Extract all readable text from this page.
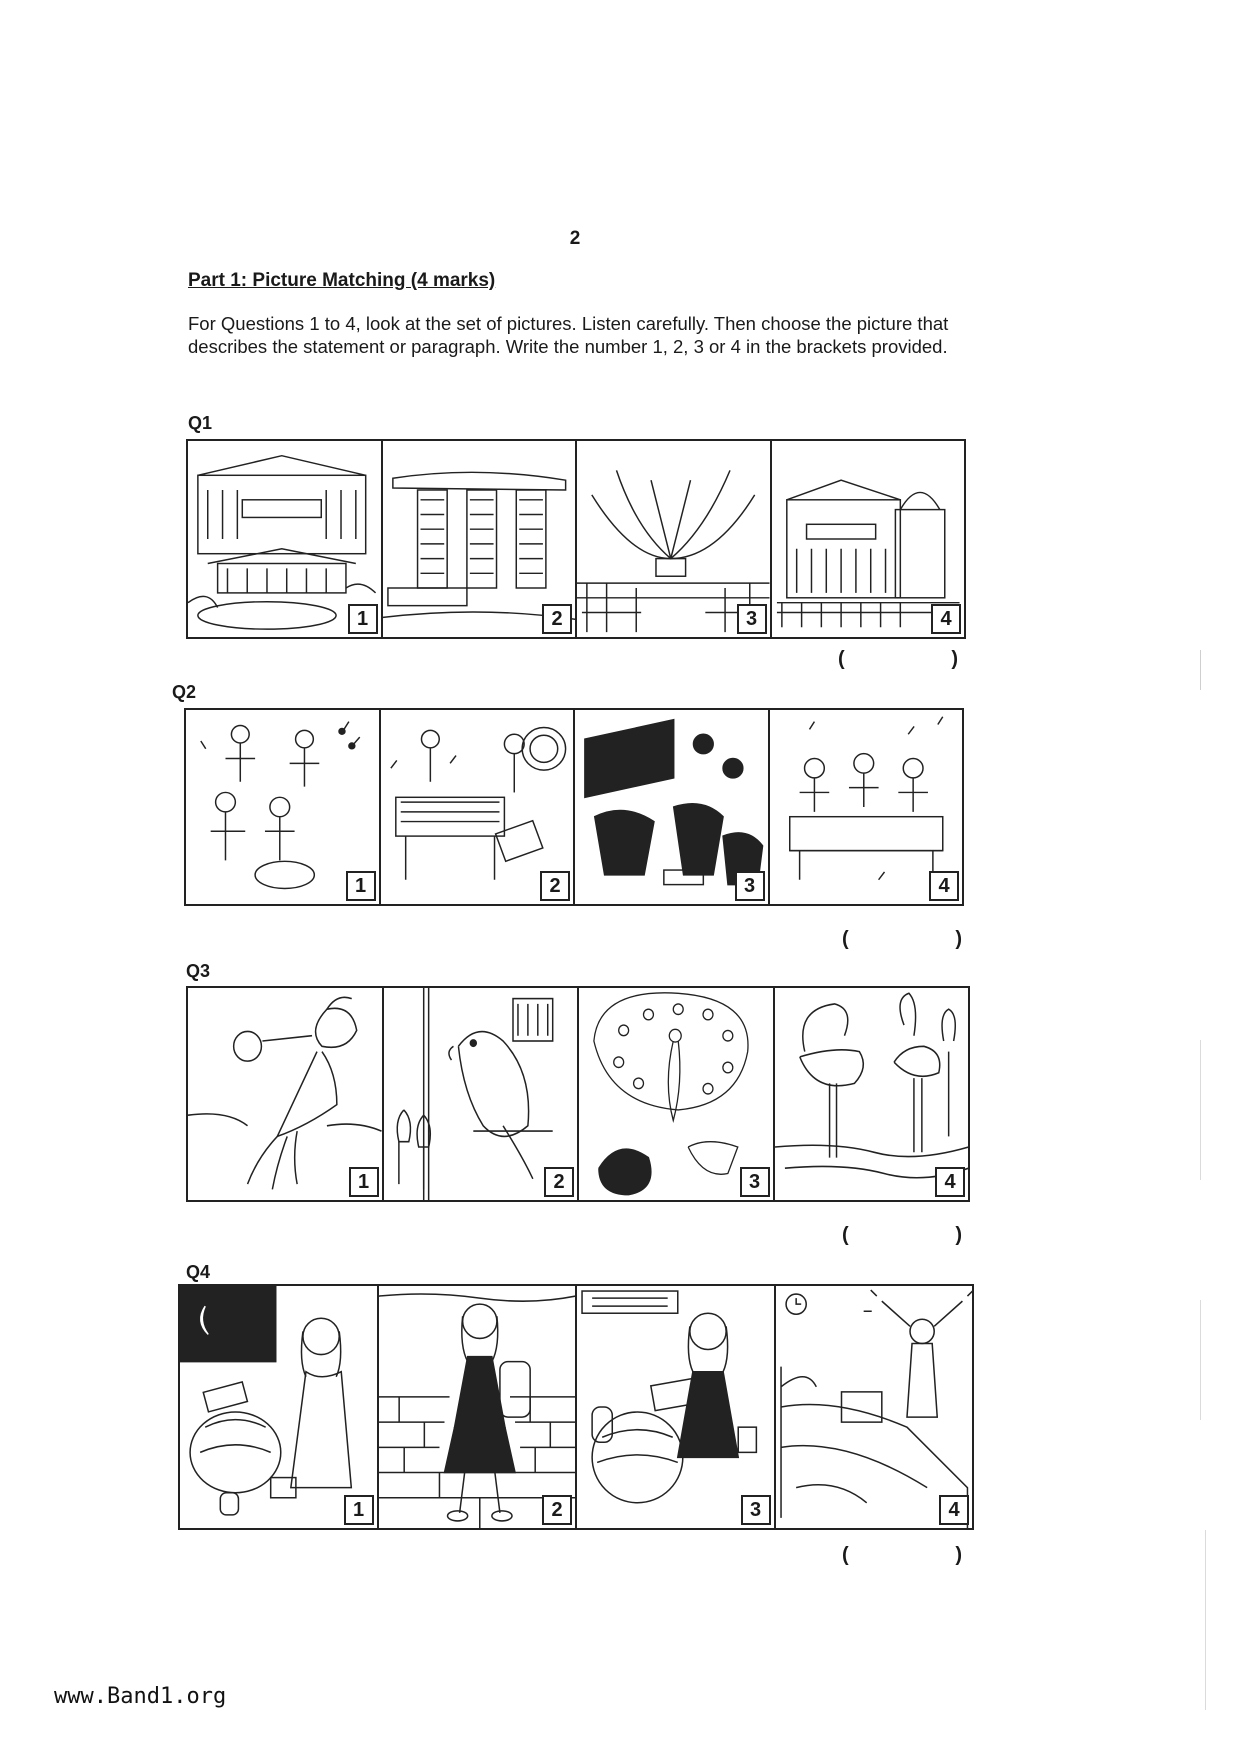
2
Part 1: Picture Matching (4 marks)
For Questions 1 to 4, look at the set of pictures. Listen carefully. Then choose the picture that describes the statement or paragraph. Write the number 1, 2, 3 or 4 in the brackets provided.
Q1
1	2	3	4
(	)
Q2
1	2	3	4
(	)
Q3
1	2	3	4
(	)
Q4
1	2	3	4
(	)
www.Band1.org
